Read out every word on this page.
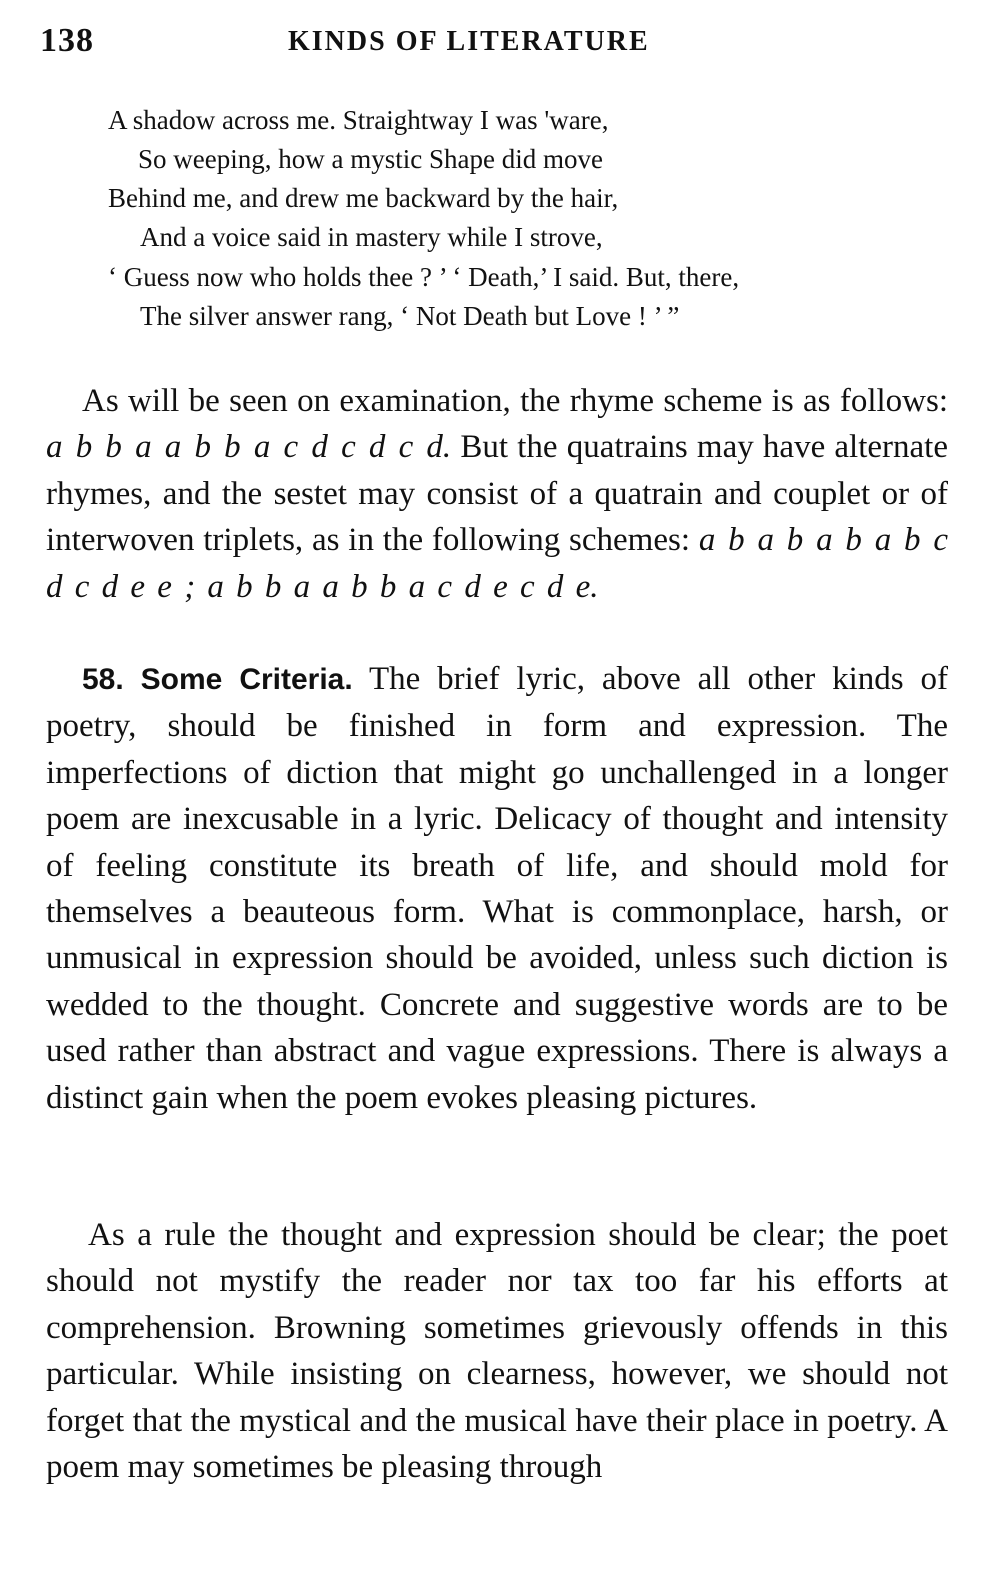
138	KINDS OF LITERATURE
A shadow across me. Straightway I was 'ware,
So weeping, how a mystic Shape did move
Behind me, and drew me backward by the hair,
And a voice said in mastery while I strove,
‘ Guess now who holds thee ? ’ ‘ Death,’ I said. But, there,
The silver answer rang, ‘ Not Death but Love ! ’ ”

As will be seen on examination, the rhyme scheme is as follows: a b b a a b b a c d c d c d. But the quatrains may have alternate rhymes, and the sestet may consist of a quatrain and couplet or of interwoven triplets, as in the following schemes: a b a b a b a b c d c d e e ; a b b a a b b a c d e c d e.

58. Some Criteria. The brief lyric, above all other kinds of poetry, should be finished in form and expression. The imperfections of diction that might go unchallenged in a longer poem are inexcusable in a lyric. Delicacy of thought and intensity of feeling constitute its breath of life, and should mold for themselves a beauteous form. What is commonplace, harsh, or unmusical in expression should be avoided, unless such diction is wedded to the thought. Concrete and suggestive words are to be used rather than abstract and vague expressions. There is always a distinct gain when the poem evokes pleasing pictures.

As a rule the thought and expression should be clear; the poet should not mystify the reader nor tax too far his efforts at comprehension. Browning sometimes grievously offends in this particular. While insisting on clearness, however, we should not forget that the mystical and the musical have their place in poetry. A poem may sometimes be pleasing through
